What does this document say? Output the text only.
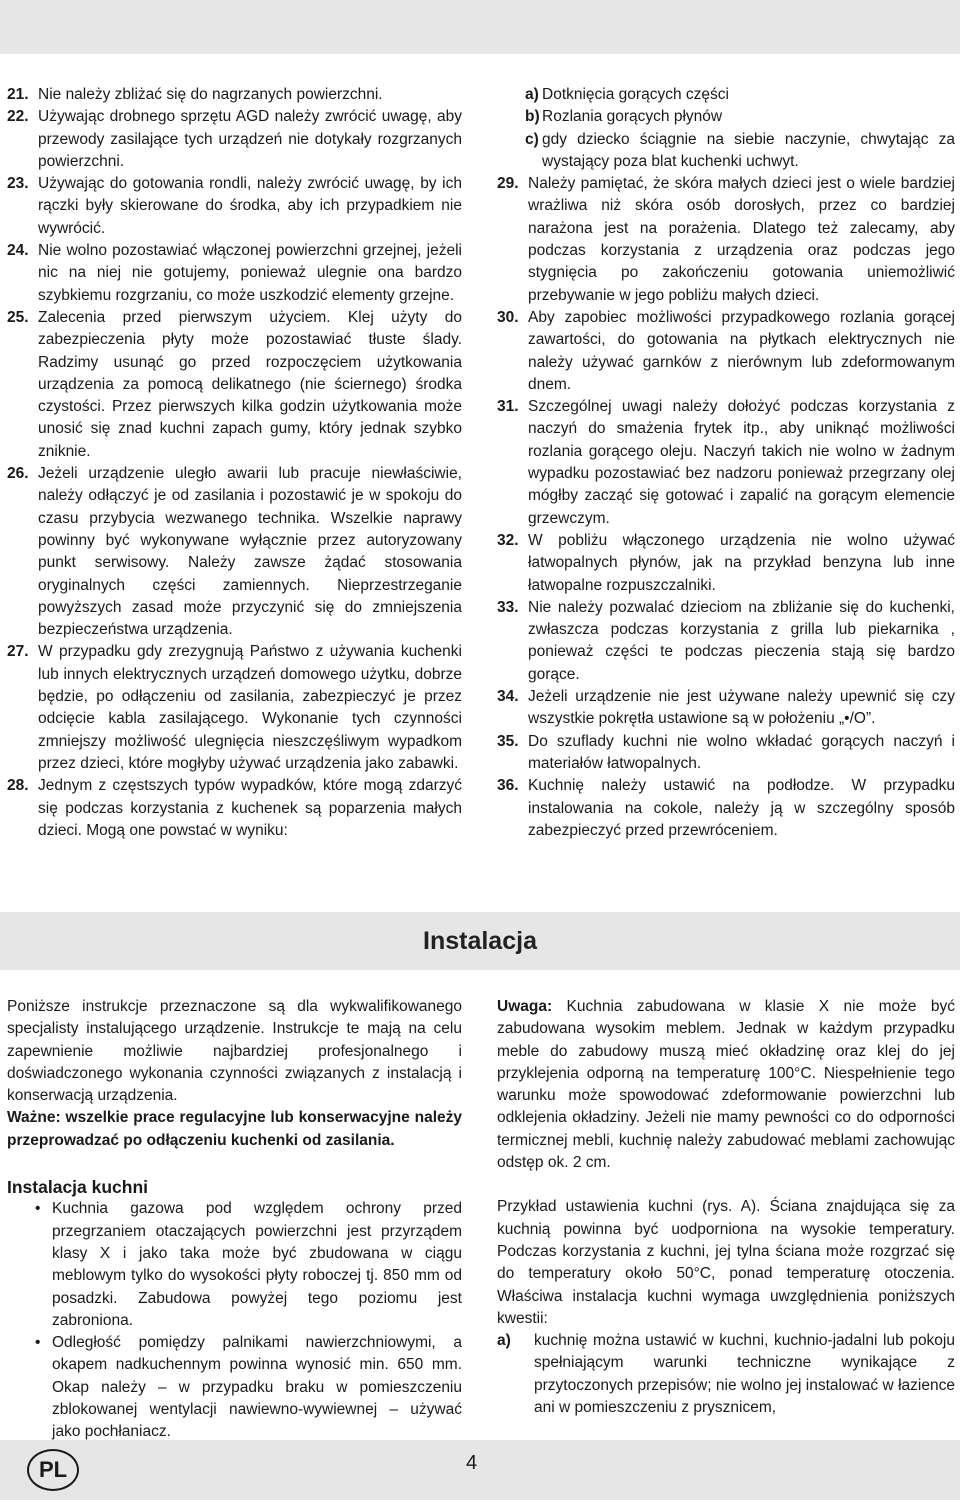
21. Nie należy zbliżać się do nagrzanych powierzchni.

22. Używając drobnego sprzętu AGD należy zwrócić uwagę, aby przewody zasilające tych urządzeń nie dotykały rozgrzanych powierzchni.

23. Używając do gotowania rondli, należy zwrócić uwagę, by ich rączki były skierowane do środka, aby ich przypadkiem nie wywrócić.

24. Nie wolno pozostawiać włączonej powierzchni grzejnej, jeżeli nic na niej nie gotujemy, ponieważ ulegnie ona bardzo szybkiemu rozgrzaniu, co może uszkodzić elementy grzejne.

25. Zalecenia przed pierwszym użyciem. Klej użyty do zabezpieczenia płyty może pozostawiać tłuste ślady. Radzimy usunąć go przed rozpoczęciem użytkowania urządzenia za pomocą delikatnego (nie ściernego) środka czystości. Przez pierwszych kilka godzin użytkowania może unosić się znad kuchni zapach gumy, który jednak szybko zniknie.

26. Jeżeli urządzenie uległo awarii lub pracuje niewłaściwie, należy odłączyć je od zasilania i pozostawić je w spokoju do czasu przybycia wezwanego technika. Wszelkie naprawy powinny być wykonywane wyłącznie przez autoryzowany punkt serwisowy. Należy zawsze żądać stosowania oryginalnych części zamiennych. Nieprzestrzeganie powyższych zasad może przyczynić się do zmniejszenia bezpieczeństwa urządzenia.

27. W przypadku gdy zrezygnują Państwo z używania kuchenki lub innych elektrycznych urządzeń domowego użytku, dobrze będzie, po odłączeniu od zasilania, zabezpieczyć je przez odcięcie kabla zasilającego. Wykonanie tych czynności zmniejszy możliwość ulegnięcia nieszczęśliwym wypadkom przez dzieci, które mogłyby używać urządzenia jako zabawki.

28. Jednym z częstszych typów wypadków, które mogą zdarzyć się podczas korzystania z kuchenek są poparzenia małych dzieci. Mogą one powstać w wyniku:

a) Dotknięcia gorących części

b) Rozlania gorących płynów

c) gdy dziecko ściągnie na siebie naczynie, chwytając za wystający poza blat kuchenki uchwyt.

29. Należy pamiętać, że skóra małych dzieci jest o wiele bardziej wrażliwa niż skóra osób dorosłych, przez co bardziej narażona jest na porażenia. Dlatego też zalecamy, aby podczas korzystania z urządzenia oraz podczas jego stygnięcia po zakończeniu gotowania uniemożliwić przebywanie w jego pobliżu małych dzieci.

30. Aby zapobiec możliwości przypadkowego rozlania gorącej zawartości, do gotowania na płytkach elektrycznych nie należy używać garnków z nierównym lub zdeformowanym dnem.

31. Szczególnej uwagi należy dołożyć podczas korzystania z naczyń do smażenia frytek itp., aby uniknąć możliwości rozlania gorącego oleju. Naczyń takich nie wolno w żadnym wypadku pozostawiać bez nadzoru ponieważ przegrzany olej mógłby zacząć się gotować i zapalić na gorącym elemencie grzewczym.

32. W pobliżu włączonego urządzenia nie wolno używać łatwopalnych płynów, jak na przykład benzyna lub inne łatwopalne rozpuszczalniki.

33. Nie należy pozwalać dzieciom na zbliżanie się do kuchenki, zwłaszcza podczas korzystania z grilla lub piekarnika , ponieważ części te podczas pieczenia stają się bardzo gorące.

34. Jeżeli urządzenie nie jest używane należy upewnić się czy wszystkie pokrętła ustawione są w położeniu „•/O”.

35. Do szuflady kuchni nie wolno wkładać gorących naczyń i materiałów łatwopalnych.

36. Kuchnię należy ustawić na podłodze. W przypadku instalowania na cokole, należy ją w szczególny sposób zabezpieczyć przed przewróceniem.

Instalacja

Poniższe instrukcje przeznaczone są dla wykwalifikowanego specjalisty instalującego urządzenie. Instrukcje te mają na celu zapewnienie możliwie najbardziej profesjonalnego i doświadczonego wykonania czynności związanych z instalacją i konserwacją urządzenia.

Ważne: wszelkie prace regulacyjne lub konserwacyjne należy przeprowadzać po odłączeniu kuchenki od zasilania.

Instalacja kuchni

• Kuchnia gazowa pod względem ochrony przed przegrzaniem otaczających powierzchni jest przyrządem klasy X i jako taka może być zbudowana w ciągu meblowym tylko do wysokości płyty roboczej tj. 850 mm od posadzki. Zabudowa powyżej tego poziomu jest zabroniona.

• Odległość pomiędzy palnikami nawierzchniowymi, a okapem nadkuchennym powinna wynosić min. 650 mm. Okap należy – w przypadku braku w pomieszczeniu zblokowanej wentylacji nawiewno-wywiewnej – używać jako pochłaniacz.

Uwaga: Kuchnia zabudowana w klasie X nie może być zabudowana wysokim meblem. Jednak w każdym przypadku meble do zabudowy muszą mieć okładzinę oraz klej do jej przyklejenia odporną na temperaturę 100°C. Niespełnienie tego warunku może spowodować zdeformowanie powierzchni lub odklejenia okładziny. Jeżeli nie mamy pewności co do odporności termicznej mebli, kuchnię należy zabudować meblami zachowując odstęp ok. 2 cm.

Przykład ustawienia kuchni (rys. A). Ściana znajdująca się za kuchnią powinna być uodporniona na wysokie temperatury. Podczas korzystania z kuchni, jej tylna ściana może rozgrzać się do temperatury około 50°C, ponad temperaturę otoczenia. Właściwa instalacja kuchni wymaga uwzględnienia poniższych kwestii:

a)	kuchnię można ustawić w kuchni, kuchnio-jadalni lub pokoju spełniającym warunki techniczne wynikające z przytoczonych przepisów; nie wolno jej instalować w łazience ani w pomieszczeniu z prysznicem,

PL	4
